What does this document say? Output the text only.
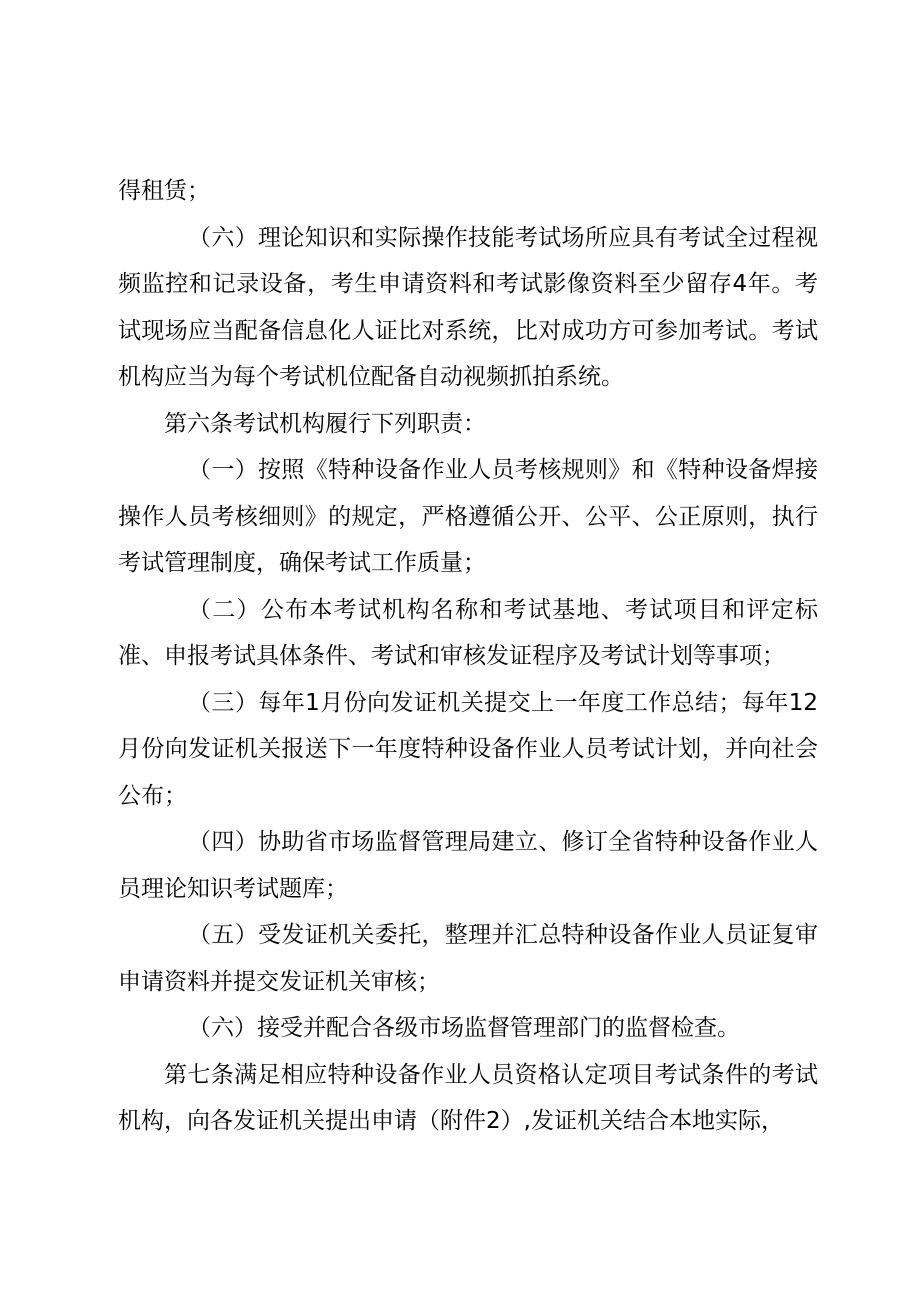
得租赁；

（六）理论知识和实际操作技能考试场所应具有考试全过程视频监控和记录设备，考生申请资料和考试影像资料至少留存4年。考试现场应当配备信息化人证比对系统，比对成功方可参加考试。考试机构应当为每个考试机位配备自动视频抓拍系统。

第六条考试机构履行下列职责：

（一）按照《特种设备作业人员考核规则》和《特种设备焊接操作人员考核细则》的规定，严格遵循公开、公平、公正原则，执行考试管理制度，确保考试工作质量；

（二）公布本考试机构名称和考试基地、考试项目和评定标准、申报考试具体条件、考试和审核发证程序及考试计划等事项；

（三）每年1月份向发证机关提交上一年度工作总结；每年12月份向发证机关报送下一年度特种设备作业人员考试计划，并向社会公布；

（四）协助省市场监督管理局建立、修订全省特种设备作业人员理论知识考试题库；

（五）受发证机关委托，整理并汇总特种设备作业人员证复审申请资料并提交发证机关审核；

（六）接受并配合各级市场监督管理部门的监督检查。

第七条满足相应特种设备作业人员资格认定项目考试条件的考试机构，向各发证机关提出申请（附件2）,发证机关结合本地实际，
